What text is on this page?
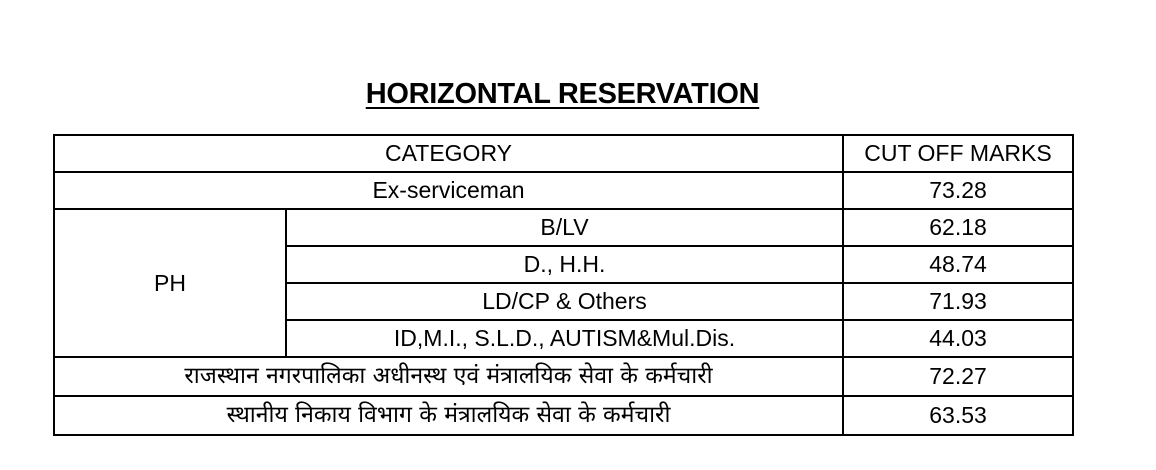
HORIZONTAL RESERVATION
CATEGORY		CUT OFF MARKS
Ex-serviceman		73.28
PH	B/LV	62.18
	D., H.H.	48.74
	LD/CP & Others	71.93
	ID,M.I., S.L.D., AUTISM&Mul.Dis.	44.03
राजस्थान नगरपालिका अधीनस्थ एवं मंत्रालयिक सेवा के कर्मचारी		72.27
स्थानीय निकाय विभाग के मंत्रालयिक सेवा के कर्मचारी		63.53
